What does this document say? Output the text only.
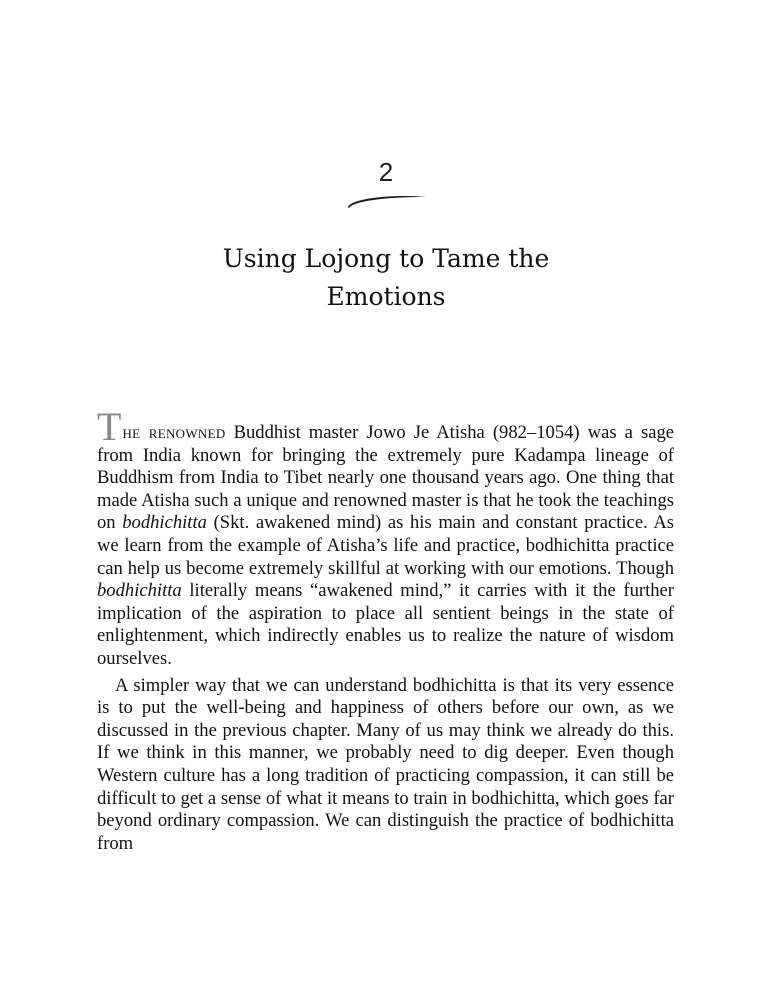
2
Using Lojong to Tame the
Emotions

The renowned Buddhist master Jowo Je Atisha (982–1054) was a sage from India known for bringing the extremely pure Kadampa lineage of Buddhism from India to Tibet nearly one thousand years ago. One thing that made Atisha such a unique and renowned master is that he took the teachings on bodhichitta (Skt. awakened mind) as his main and constant practice. As we learn from the example of Atisha’s life and practice, bodhichitta practice can help us become extremely skillful at working with our emotions. Though bodhichitta literally means “awakened mind,” it carries with it the further implication of the aspiration to place all sentient beings in the state of enlightenment, which indirectly enables us to realize the nature of wisdom ourselves.

A simpler way that we can understand bodhichitta is that its very essence is to put the well-being and happiness of others before our own, as we discussed in the previous chapter. Many of us may think we already do this. If we think in this manner, we probably need to dig deeper. Even though Western culture has a long tradition of practicing compassion, it can still be difficult to get a sense of what it means to train in bodhichitta, which goes far beyond ordinary compassion. We can distinguish the practice of bodhichitta from
